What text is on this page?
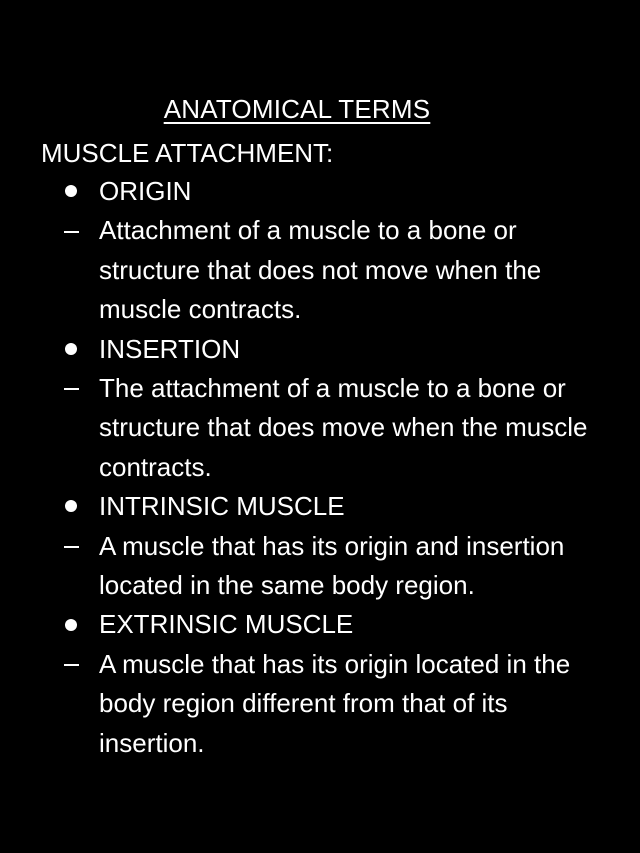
ANATOMICAL TERMS
MUSCLE ATTACHMENT:
ORIGIN
Attachment of a muscle to a bone or structure that does not move when the muscle contracts.
INSERTION
The attachment of a muscle to a bone or structure that does move when the muscle contracts.
INTRINSIC MUSCLE
A muscle that has its origin and insertion located in the same body region.
EXTRINSIC MUSCLE
A muscle that has its origin located in the body region different from that of its insertion.
